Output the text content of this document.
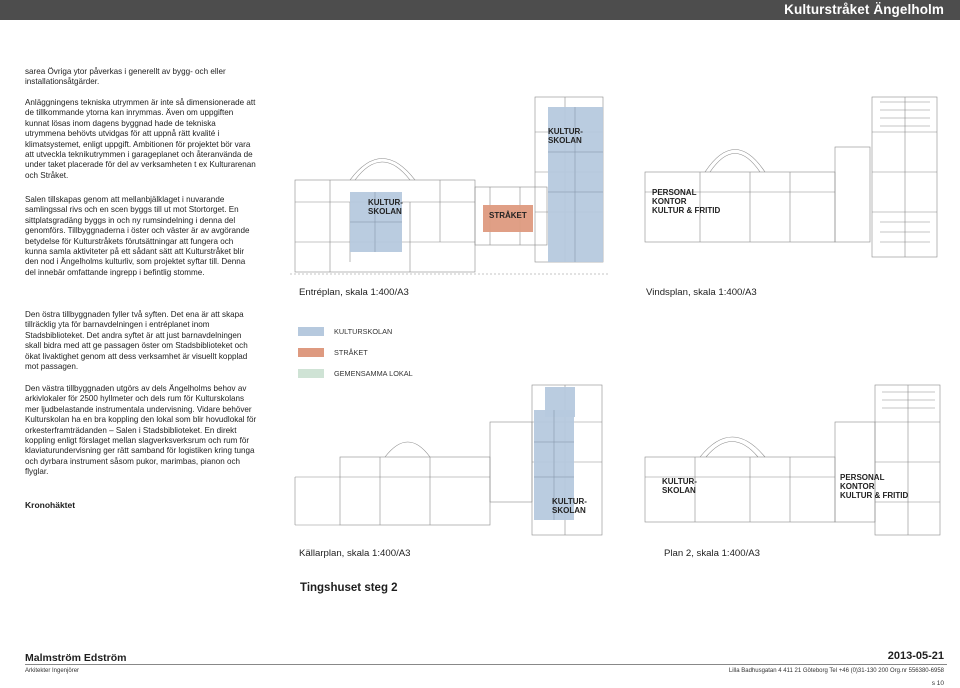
Kulturstråket Ängelholm

sarea Övriga ytor påverkas i generellt av bygg- och eller installationsåtgärder.

Anläggningens tekniska utrymmen är inte så dimensionerade att de tillkommande ytorna kan inrymmas. Även om uppgiften kunnat lösas inom dagens byggnad hade de tekniska utrymmena behövts utvidgas för att uppnå rätt kvalité i klimatsystemet, enligt uppgift. Ambitionen för projektet bör vara att utveckla teknikutrymmen i garageplanet och återanvända de under taket placerade för del av verksamheten t ex Kulturarenan och Stråket.

Salen tillskapas genom att mellanbjälklaget i nuvarande samlingssal rivs och en scen byggs till ut mot Stortorget. En sittplatsgradäng byggs in och ny rumsindelning i denna del genomförs. Tillbyggnaderna i öster och väster är av avgörande betydelse för Kulturstråkets förutsättningar att fungera och kunna samla aktiviteter på ett sådant sätt att Kulturstråket blir den nod i Ängelholms kulturliv, som projektet syftar till. Denna del innebär omfattande ingrepp i befintlig stomme.

Den östra tillbyggnaden fyller två syften. Det ena är att skapa tillräcklig yta för barnavdelningen i entréplanet inom Stadsbiblioteket. Det andra syftet är att just barnavdelningen skall bidra med att ge passagen öster om Stadsbiblioteket och ökat livaktighet genom att dess verksamhet är visuellt kopplad mot passagen.

Den västra tillbyggnaden utgörs av dels Ängelholms behov av arkivlokaler för 2500 hyllmeter och dels rum för Kulturskolans mer ljudbelastande instrumentala undervisning. Vidare behöver Kulturskolan ha en bra koppling den lokal som blir hovudlokal för orkesterframträdanden – Salen i Stadsbiblioteket. En direkt koppling enligt förslaget mellan slagverksverksrum och rum för klaviaturundervisning ger rätt samband för logistiken kring tunga och dyrbara instrument såsom pukor, marimbas, pianon och flyglar.

Kronohäktet
KULTUR-
SKOLAN
KULTUR-
SKOLAN	STRÅKET
Entréplan, skala 1:400/A3
PERSONAL
KONTOR
KULTUR & FRITID
Vindsplan, skala 1:400/A3
KULTURSKOLAN
STRÅKET
GEMENSAMMA LOKAL
KULTUR-
SKOLAN
Källarplan, skala 1:400/A3
KULTUR-
SKOLAN
PERSONAL
KONTOR
KULTUR & FRITID
Plan 2, skala 1:400/A3
Tingshuset steg 2
Malmström Edström
Arkitekter Ingenjörer
2013-05-21
Lilla Badhusgatan 4 411 21 Göteborg Tel +46 (0)31-130 200 Org.nr 556380-6958
s 10
